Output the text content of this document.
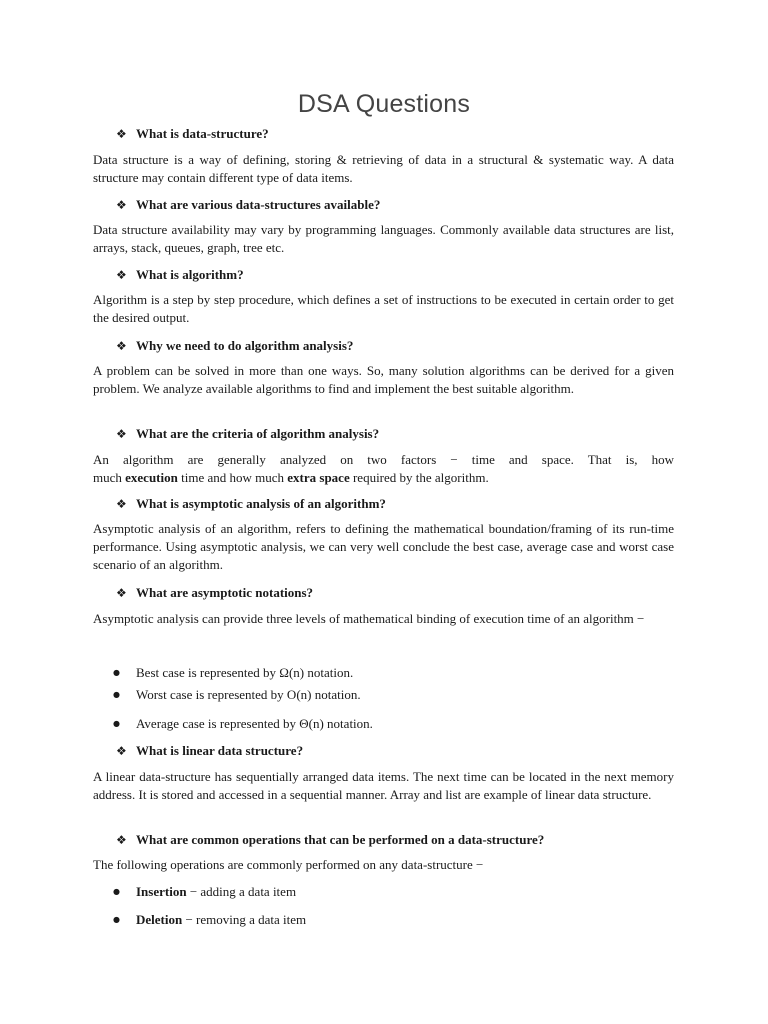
DSA Questions
❖ What is data-structure?
Data structure is a way of defining, storing & retrieving of data in a structural & systematic way. A data structure may contain different type of data items.
❖ What are various data-structures available?
Data structure availability may vary by programming languages. Commonly available data structures are list, arrays, stack, queues, graph, tree etc.
❖ What is algorithm?
Algorithm is a step by step procedure, which defines a set of instructions to be executed in certain order to get the desired output.
❖ Why we need to do algorithm analysis?
A problem can be solved in more than one ways. So, many solution algorithms can be derived for a given problem. We analyze available algorithms to find and implement the best suitable algorithm.
❖ What are the criteria of algorithm analysis?
An algorithm are generally analyzed on two factors − time and space. That is, how
much execution time and how much extra space required by the algorithm.
❖ What is asymptotic analysis of an algorithm?
Asymptotic analysis of an algorithm, refers to defining the mathematical boundation/framing of its run-time performance. Using asymptotic analysis, we can very well conclude the best case, average case and worst case scenario of an algorithm.
❖ What are asymptotic notations?
Asymptotic analysis can provide three levels of mathematical binding of execution time of an algorithm −
● Best case is represented by Ω(n) notation.
● Worst case is represented by Ο(n) notation.
● Average case is represented by Θ(n) notation.
❖ What is linear data structure?
A linear data-structure has sequentially arranged data items. The next time can be located in the next memory address. It is stored and accessed in a sequential manner. Array and list are example of linear data structure.
❖ What are common operations that can be performed on a data-structure?
The following operations are commonly performed on any data-structure −
● Insertion − adding a data item
● Deletion − removing a data item
